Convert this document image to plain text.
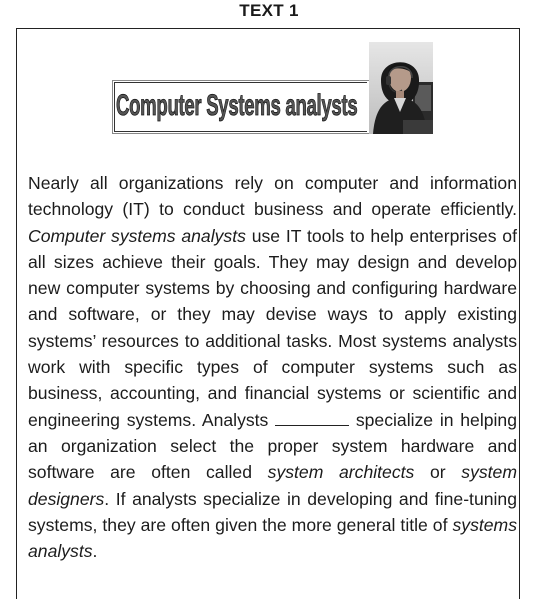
TEXT 1
Computer Systems analysts

Nearly all organizations rely on computer and information technology (IT) to conduct business and operate efficiently. Computer systems analysts use IT tools to help enterprises of all sizes achieve their goals. They may design and develop new computer systems by choosing and configuring hardware and software, or they may devise ways to apply existing systems’ resources to additional tasks. Most systems analysts work with specific types of computer systems such as business, accounting, and financial systems or scientific and engineering systems. Analysts	specialize in helping an organization select the proper system hardware and software are often called system architects or system designers. If analysts specialize in developing and fine-tuning systems, they are often given the more general title of systems analysts.
